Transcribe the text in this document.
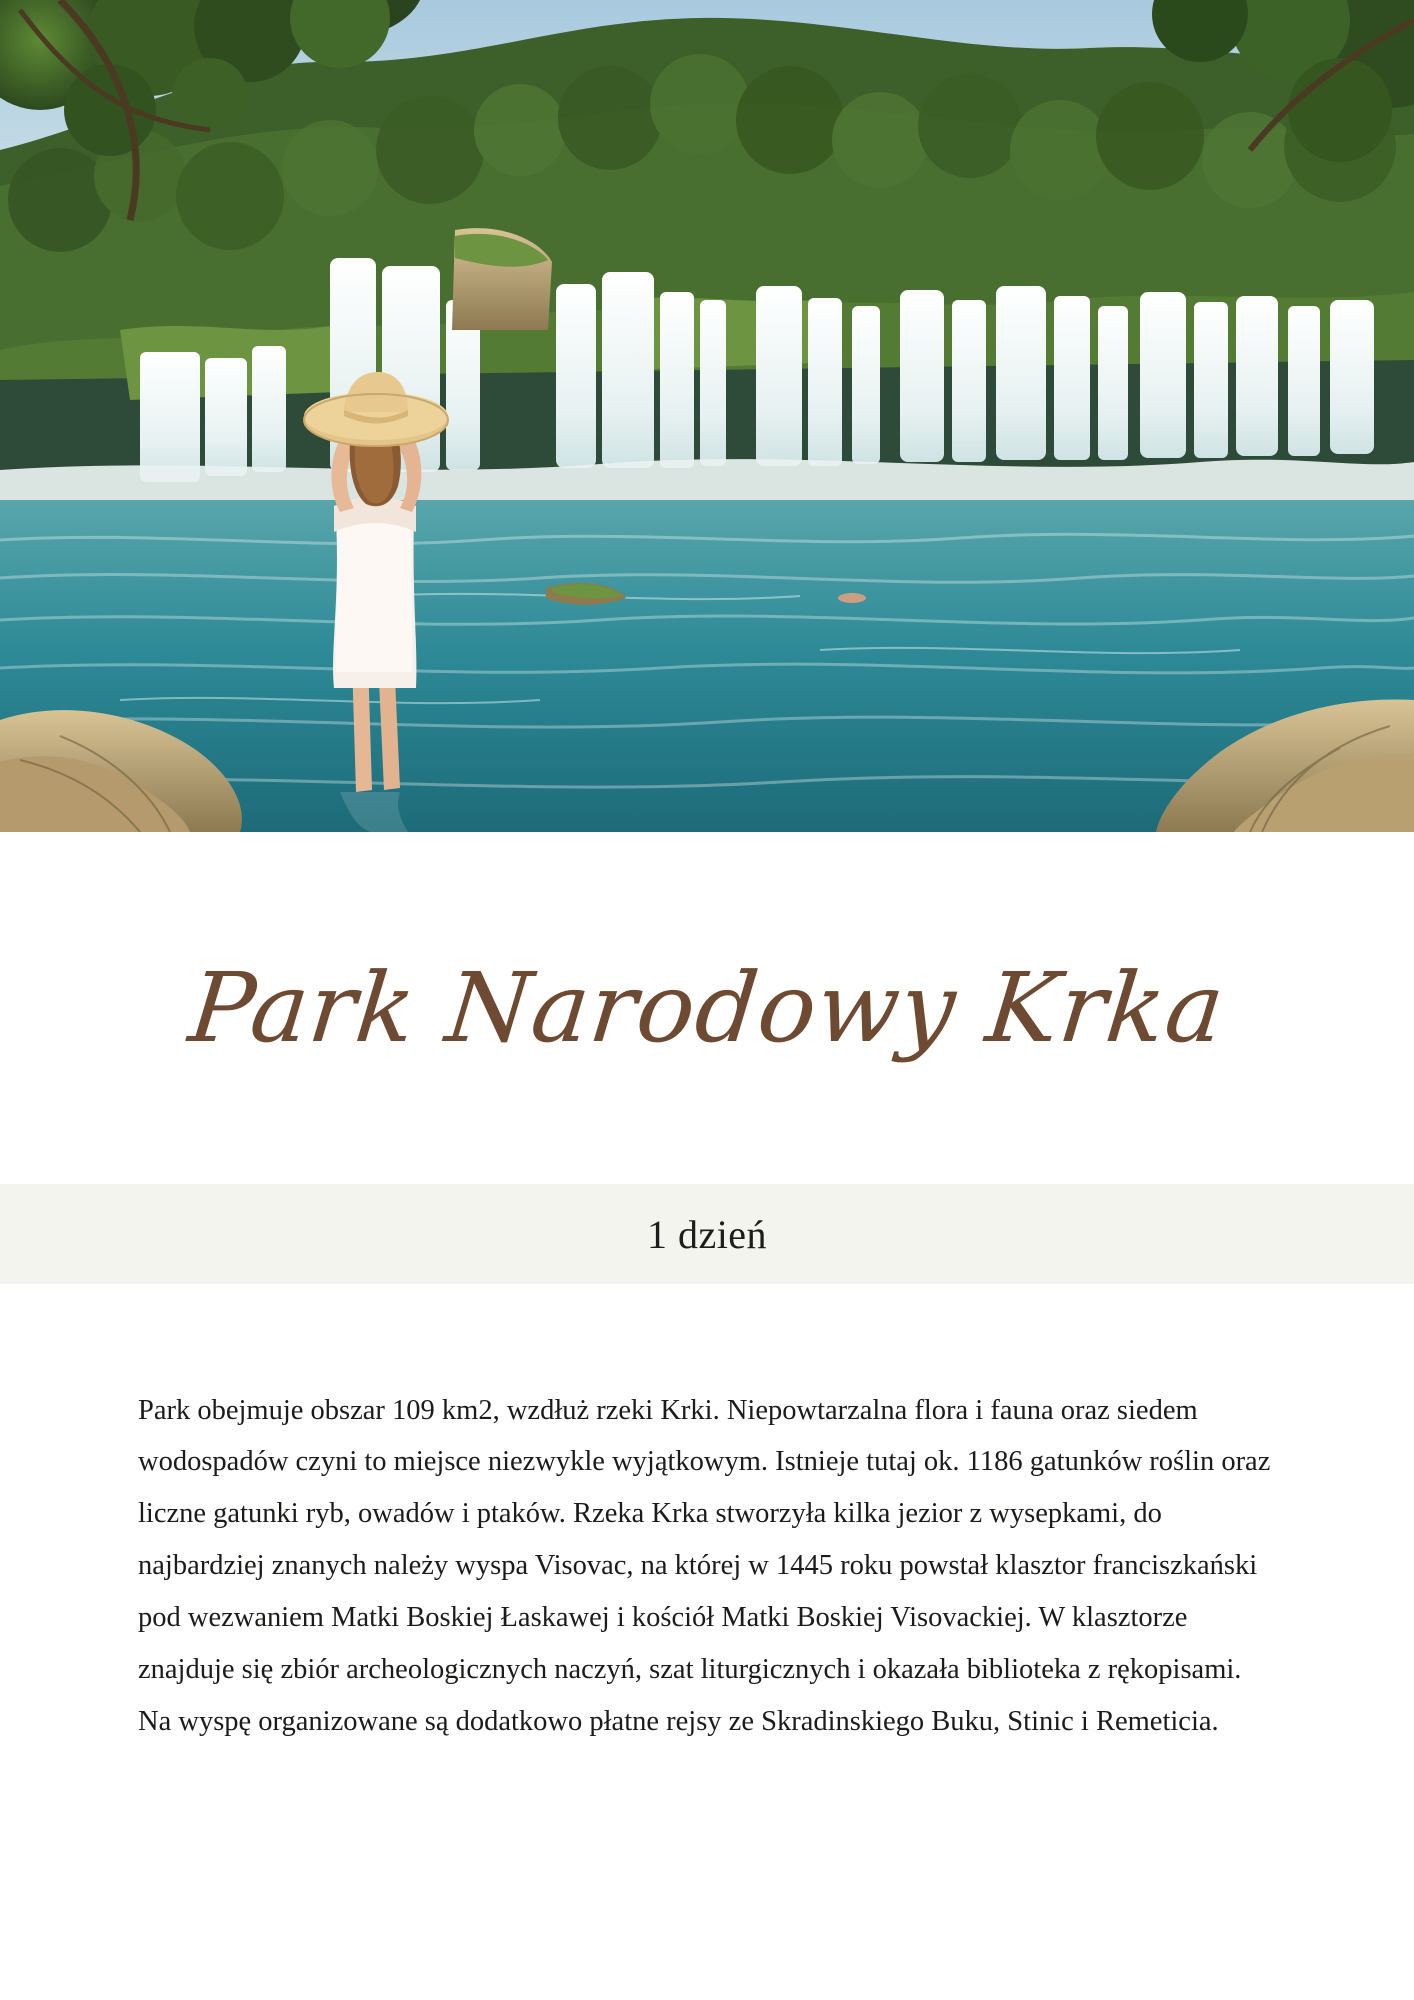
Park Narodowy Krka
1 dzień

Park obejmuje obszar 109 km2, wzdłuż rzeki Krki. Niepowtarzalna flora i fauna oraz siedem wodospadów czyni to miejsce niezwykle wyjątkowym. Istnieje tutaj ok. 1186 gatunków roślin oraz liczne gatunki ryb, owadów i ptaków. Rzeka Krka stworzyła kilka jezior z wysepkami, do najbardziej znanych należy wyspa Visovac, na której w 1445 roku powstał klasztor franciszkański pod wezwaniem Matki Boskiej Łaskawej i kościół Matki Boskiej Visovackiej. W klasztorze znajduje się zbiór archeologicznych naczyń, szat liturgicznych i okazała biblioteka z rękopisami. Na wyspę organizowane są dodatkowo płatne rejsy ze Skradinskiego Buku, Stinic i Remeticia.
